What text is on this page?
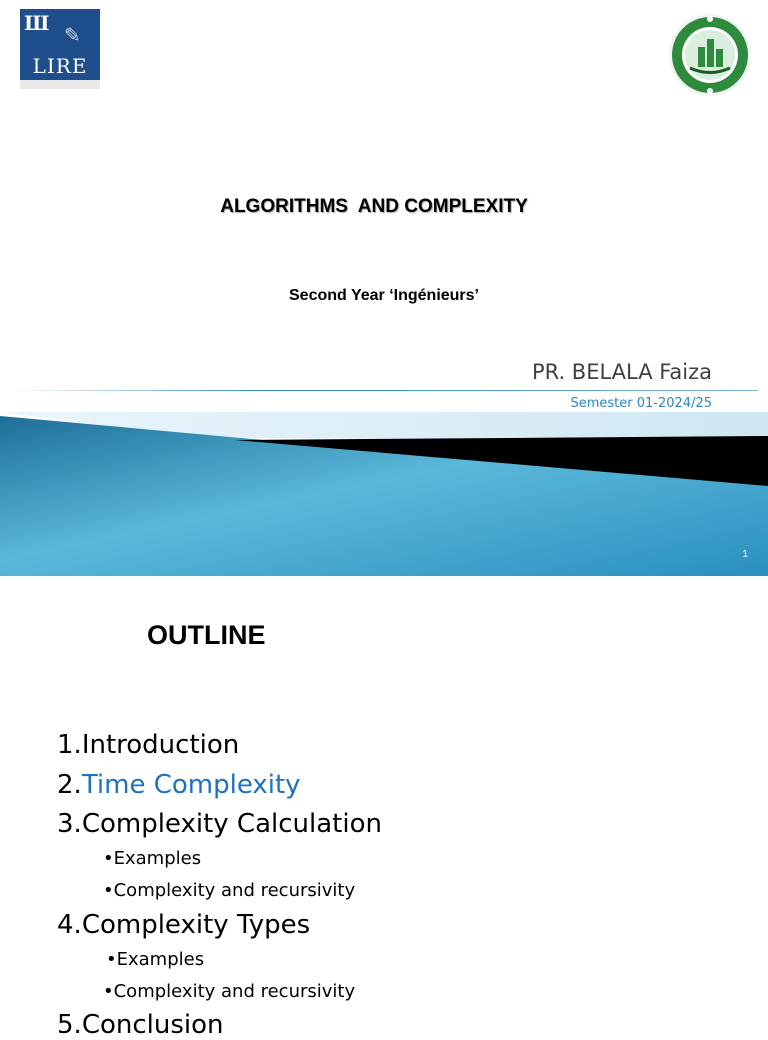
Ш ✎
LIRE
ALGORITHMS  AND COMPLEXITY
Second Year ‘Ingénieurs’
PR. BELALA Faiza
Semester 01-2024/25
1
OUTLINE
1.Introduction
2.Time Complexity
3.Complexity Calculation
•Examples
•Complexity and recursivity
4.Complexity Types
•Examples
•Complexity and recursivity
5.Conclusion
